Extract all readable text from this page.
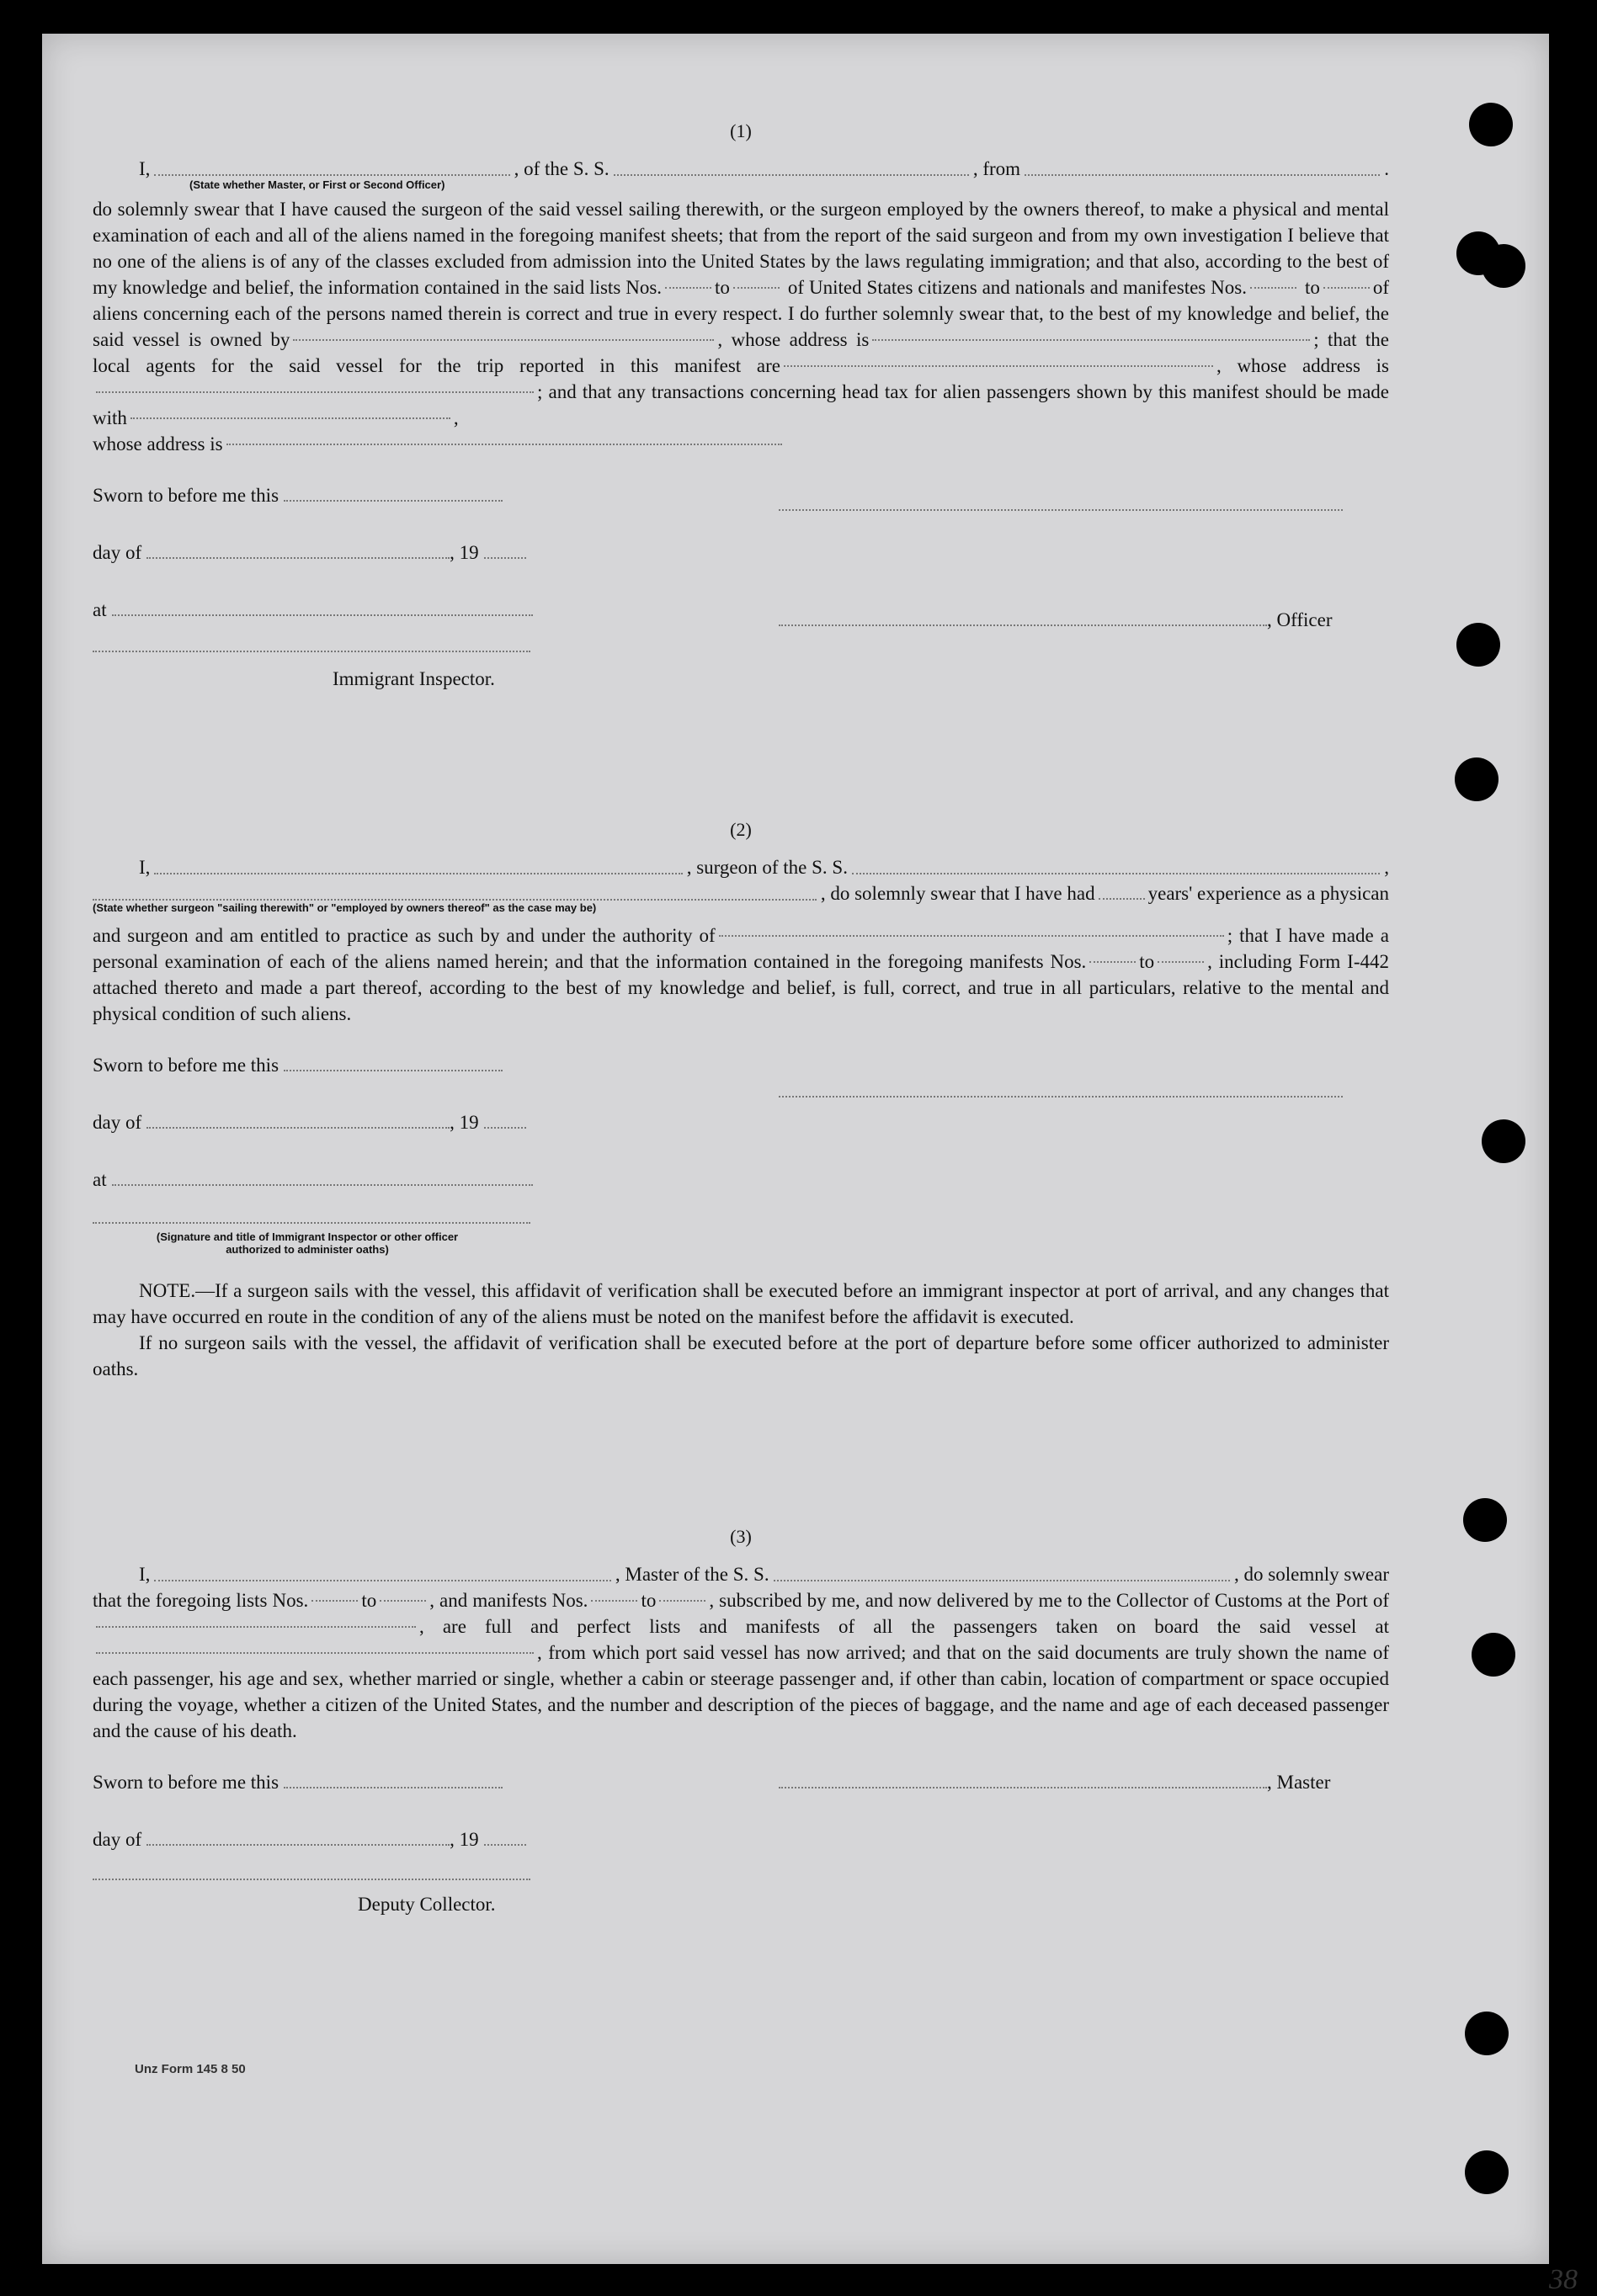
(1)
I,	, of the S. S.	, from	.
(State whether Master, or First or Second Officer)
do solemnly swear that I have caused the surgeon of the said vessel sailing therewith, or the surgeon employed by the owners thereof, to make a physical and mental examination of each and all of the aliens named in the foregoing manifest sheets; that from the report of the said surgeon and from my own investigation I believe that no one of the aliens is of any of the classes excluded from admission into the United States by the laws regulating immigration; and that also, according to the best of my knowledge and belief, the information contained in the said lists Nos.	to	of United States citizens and nationals and manifestes Nos.	to	of aliens concerning each of the persons named therein is correct and true in every respect. I do further solemnly swear that, to the best of my knowledge and belief, the said vessel is owned by	, whose address is	; that the local agents for the said vessel for the trip reported in this manifest are	, whose address is; and that any transactions concerning head tax for alien passengers shown by this manifest should be made with	,
whose address is
Sworn to before me this
day of	, 19
at	, Officer
Immigrant Inspector.
(2)
I,	, surgeon of the S. S.	,
, do solemnly swear that I have had	years' experience as a physican
(State whether surgeon "sailing therewith" or "employed by owners thereof" as the case may be)
and surgeon and am entitled to practice as such by and under the authority of	; that I have made a personal examination of each of the aliens named herein; and that the information contained in the foregoing manifests Nos.	to	, including Form I-442 attached thereto and made a part thereof, according to the best of my knowledge and belief, is full, correct, and true in all particulars, relative to the mental and physical condition of such aliens.
Sworn to before me this
day of	, 19
at
(Signature and title of Immigrant Inspector or other officer authorized to administer oaths)
NOTE.—If a surgeon sails with the vessel, this affidavit of verification shall be executed before an immigrant inspector at port of arrival, and any changes that may have occurred en route in the condition of any of the aliens must be noted on the manifest before the affidavit is executed.
If no surgeon sails with the vessel, the affidavit of verification shall be executed before at the port of departure before some officer authorized to administer oaths.
(3)
I,	, Master of the S. S.	, do solemnly swear
that the foregoing lists Nos.	to	, and manifests Nos.	to	, subscribed by me, and now delivered by me to the Collector of Customs at the Port of, are full and perfect lists and manifests of all the passengers taken on board the said vessel at, from which port said vessel has now arrived; and that on the said documents are truly shown the name of each passenger, his age and sex, whether married or single, whether a cabin or steerage passenger and, if other than cabin, location of compartment or space occupied during the voyage, whether a citizen of the United States, and the number and description of the pieces of baggage, and the name and age of each deceased passenger and the cause of his death.
Sworn to before me this	, Master
day of	, 19
Deputy Collector.
Unz Form 145 8 50
38
